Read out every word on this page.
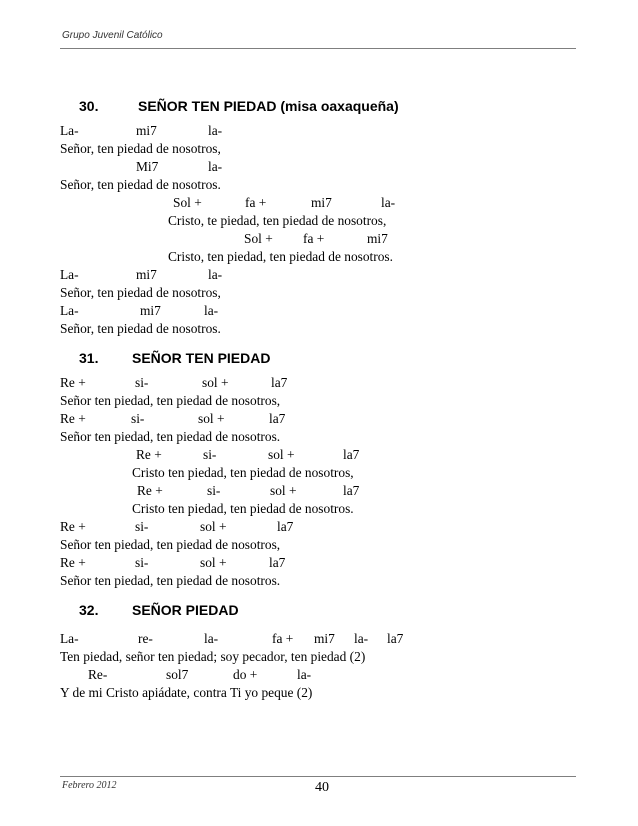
Grupo Juvenil Católico
30.	SEÑOR TEN PIEDAD (misa oaxaqueña)
La-	mi7	la-
Señor, ten piedad de nosotros,
Mi7	la-
Señor, ten piedad de nosotros.
Sol +	fa +	mi7	la-
Cristo, te piedad, ten piedad de nosotros,
Sol + fa +	mi7
Cristo, ten piedad, ten piedad de nosotros.
La-	mi7	la-
Señor, ten piedad de nosotros,
La-	mi7	la-
Señor, ten piedad de nosotros.
31. SEÑOR TEN PIEDAD
Re +	si-	sol +	la7
Señor ten piedad, ten piedad de nosotros,
Re +	si-	sol +	la7
Señor ten piedad, ten piedad de nosotros.
Re +	si-	sol +	la7
Cristo ten piedad, ten piedad de nosotros,
Re +	si-	sol +	la7
Cristo ten piedad, ten piedad de nosotros.
Re +	si-	sol +	la7
Señor ten piedad, ten piedad de nosotros,
Re +	si-	sol +	la7
Señor ten piedad, ten piedad de nosotros.
32. SEÑOR PIEDAD
La-	re-	la-	fa + mi7 la- la7
Ten piedad, señor ten piedad; soy pecador, ten piedad (2)
Re-	sol7	do +	la-
Y de mi Cristo apiádate, contra Ti yo peque (2)
Febrero 2012	40
